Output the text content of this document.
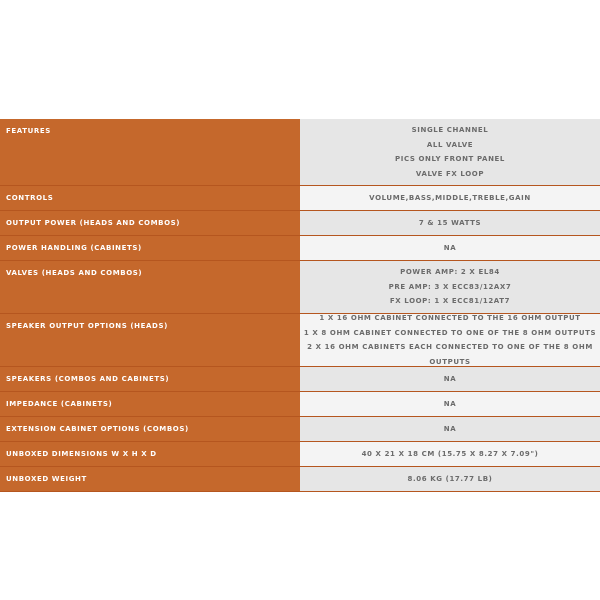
FEATURES	SINGLE CHANNEL
ALL VALVE
PICS ONLY FRONT PANEL
VALVE FX LOOP
CONTROLS	VOLUME,BASS,MIDDLE,TREBLE,GAIN
OUTPUT POWER (HEADS AND COMBOS)	7 & 15 WATTS
POWER HANDLING (CABINETS)	NA
VALVES (HEADS AND COMBOS)	POWER AMP: 2 X EL84
PRE AMP: 3 X ECC83/12AX7
FX LOOP: 1 X ECC81/12AT7
SPEAKER OUTPUT OPTIONS (HEADS)
1 X 16 OHM CABINET CONNECTED TO THE 16 OHM OUTPUT
1 X 8 OHM CABINET CONNECTED TO ONE OF THE 8 OHM OUTPUTS
2 X 16 OHM CABINETS EACH CONNECTED TO ONE OF THE 8 OHM OUTPUTS
SPEAKERS (COMBOS AND CABINETS)	NA
IMPEDANCE (CABINETS)	NA
EXTENSION CABINET OPTIONS (COMBOS)	NA
UNBOXED DIMENSIONS W X H X D	40 X 21 X 18 CM (15.75 X 8.27 X 7.09")
UNBOXED WEIGHT	8.06 KG (17.77 LB)
